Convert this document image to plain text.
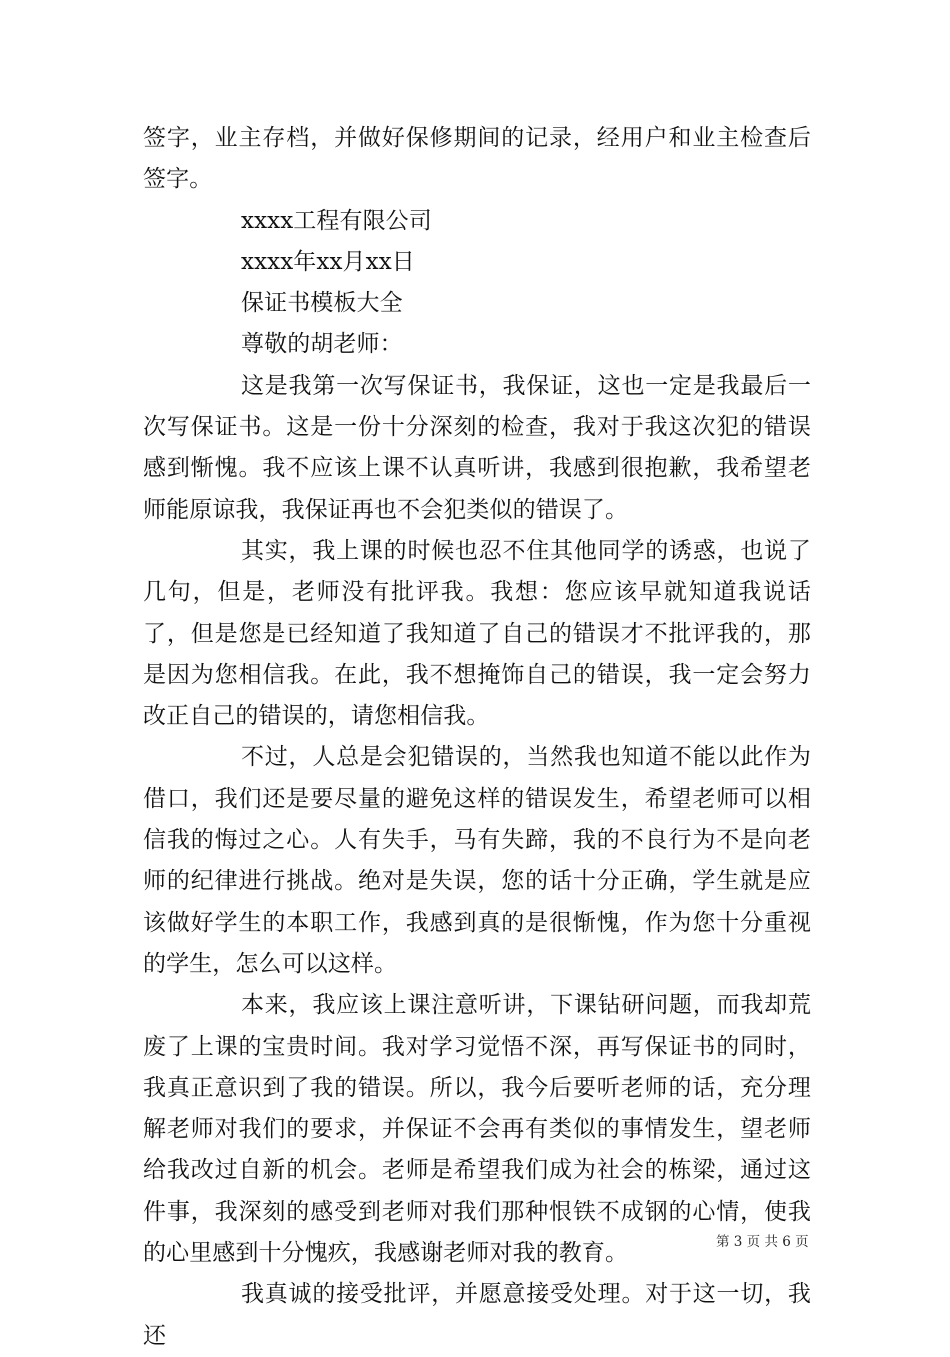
签字，业主存档，并做好保修期间的记录，经用户和业主检查后签字。

xxxx工程有限公司

xxxx年xx月xx日

保证书模板大全

尊敬的胡老师：

这是我第一次写保证书，我保证，这也一定是我最后一次写保证书。这是一份十分深刻的检查，我对于我这次犯的错误感到惭愧。我不应该上课不认真听讲，我感到很抱歉，我希望老师能原谅我，我保证再也不会犯类似的错误了。

其实，我上课的时候也忍不住其他同学的诱惑，也说了几句，但是，老师没有批评我。我想：您应该早就知道我说话了，但是您是已经知道了我知道了自己的错误才不批评我的，那是因为您相信我。在此，我不想掩饰自己的错误，我一定会努力改正自己的错误的，请您相信我。

不过，人总是会犯错误的，当然我也知道不能以此作为借口，我们还是要尽量的避免这样的错误发生，希望老师可以相信我的悔过之心。人有失手，马有失蹄，我的不良行为不是向老师的纪律进行挑战。绝对是失误，您的话十分正确，学生就是应该做好学生的本职工作，我感到真的是很惭愧，作为您十分重视的学生，怎么可以这样。

本来，我应该上课注意听讲，下课钻研问题，而我却荒废了上课的宝贵时间。我对学习觉悟不深，再写保证书的同时，我真正意识到了我的错误。所以，我今后要听老师的话，充分理解老师对我们的要求，并保证不会再有类似的事情发生，望老师给我改过自新的机会。老师是希望我们成为社会的栋梁，通过这件事，我深刻的感受到老师对我们那种恨铁不成钢的心情，使我的心里感到十分愧疚，我感谢老师对我的教育。

我真诚的接受批评，并愿意接受处理。对于这一切，我还

第 3 页 共 6 页
